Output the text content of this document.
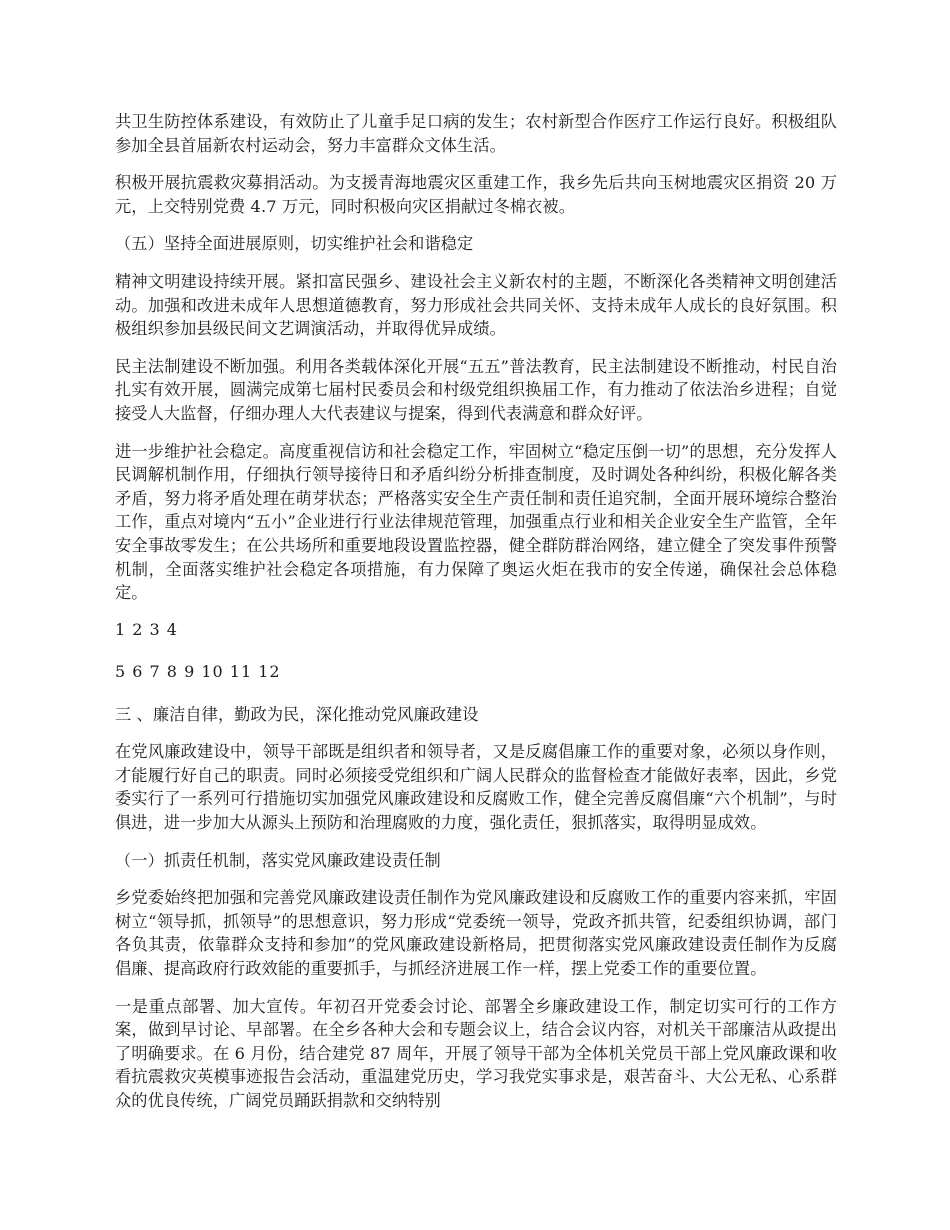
共卫生防控体系建设，有效防止了儿童手足口病的发生；农村新型合作医疗工作运行良好。积极组队参加全县首届新农村运动会，努力丰富群众文体生活。

积极开展抗震救灾募捐活动。为支援青海地震灾区重建工作，我乡先后共向玉树地震灾区捐资 20 万元，上交特别党费 4.7 万元，同时积极向灾区捐献过冬棉衣被。

（五）坚持全面进展原则，切实维护社会和谐稳定

精神文明建设持续开展。紧扣富民强乡、建设社会主义新农村的主题，不断深化各类精神文明创建活动。加强和改进未成年人思想道德教育，努力形成社会共同关怀、支持未成年人成长的良好氛围。积极组织参加县级民间文艺调演活动，并取得优异成绩。

民主法制建设不断加强。利用各类载体深化开展“五五”普法教育，民主法制建设不断推动，村民自治扎实有效开展，圆满完成第七届村民委员会和村级党组织换届工作，有力推动了依法治乡进程；自觉接受人大监督，仔细办理人大代表建议与提案，得到代表满意和群众好评。

进一步维护社会稳定。高度重视信访和社会稳定工作，牢固树立“稳定压倒一切”的思想，充分发挥人民调解机制作用，仔细执行领导接待日和矛盾纠纷分析排查制度，及时调处各种纠纷，积极化解各类矛盾，努力将矛盾处理在萌芽状态；严格落实安全生产责任制和责任追究制，全面开展环境综合整治工作，重点对境内“五小”企业进行行业法律规范管理，加强重点行业和相关企业安全生产监管，全年安全事故零发生；在公共场所和重要地段设置监控器，健全群防群治网络，建立健全了突发事件预警机制，全面落实维护社会稳定各项措施，有力保障了奥运火炬在我市的安全传递，确保社会总体稳定。

1 2 3 4
5 6 7 8 9 10 11 12

三 、廉洁自律，勤政为民，深化推动党风廉政建设

在党风廉政建设中，领导干部既是组织者和领导者，又是反腐倡廉工作的重要对象，必须以身作则，才能履行好自己的职责。同时必须接受党组织和广阔人民群众的监督检查才能做好表率，因此，乡党委实行了一系列可行措施切实加强党风廉政建设和反腐败工作，健全完善反腐倡廉“六个机制”，与时俱进，进一步加大从源头上预防和治理腐败的力度，强化责任，狠抓落实，取得明显成效。

（一）抓责任机制，落实党风廉政建设责任制

乡党委始终把加强和完善党风廉政建设责任制作为党风廉政建设和反腐败工作的重要内容来抓，牢固树立“领导抓，抓领导”的思想意识，努力形成“党委统一领导，党政齐抓共管，纪委组织协调，部门各负其责，依靠群众支持和参加”的党风廉政建设新格局，把贯彻落实党风廉政建设责任制作为反腐倡廉、提高政府行政效能的重要抓手，与抓经济进展工作一样，摆上党委工作的重要位置。

一是重点部署、加大宣传。年初召开党委会讨论、部署全乡廉政建设工作，制定切实可行的工作方案，做到早讨论、早部署。在全乡各种大会和专题会议上，结合会议内容，对机关干部廉洁从政提出了明确要求。在 6 月份，结合建党 87 周年，开展了领导干部为全体机关党员干部上党风廉政课和收看抗震救灾英模事迹报告会活动，重温建党历史，学习我党实事求是，艰苦奋斗、大公无私、心系群众的优良传统，广阔党员踊跃捐款和交纳特别
